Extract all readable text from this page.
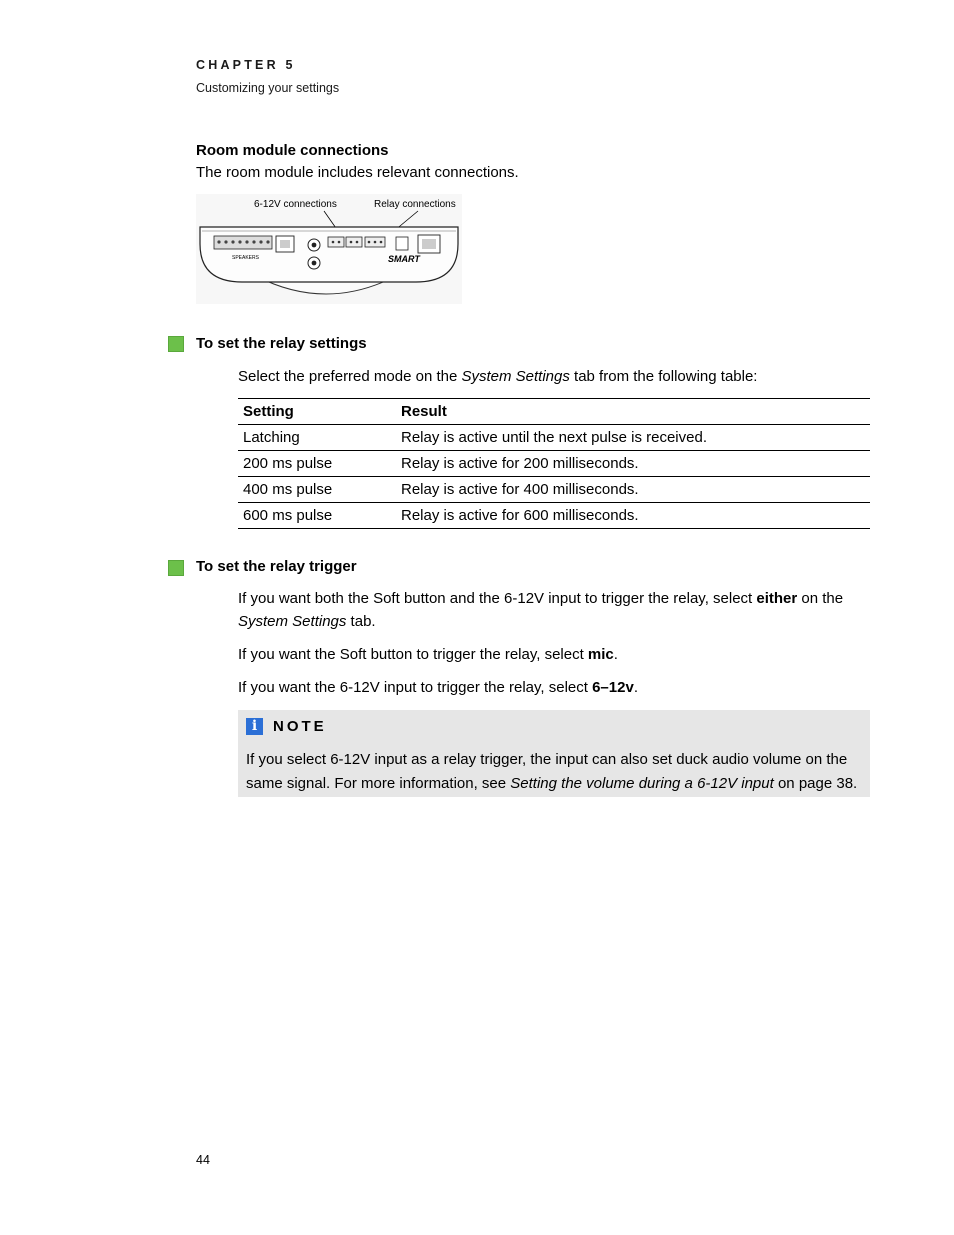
CHAPTER 5
Customizing your settings
Room module connections
The room module includes relevant connections.
6-12V connections	Relay connections
SPEAKERS	SMART
To set the relay settings
Select the preferred mode on the System Settings tab from the following table:
Setting	Result
Latching	Relay is active until the next pulse is received.
200 ms pulse	Relay is active for 200 milliseconds.
400 ms pulse	Relay is active for 400 milliseconds.
600 ms pulse	Relay is active for 600 milliseconds.
To set the relay trigger
If you want both the Soft button and the 6-12V input to trigger the relay, select either on the
System Settings tab.
If you want the Soft button to trigger the relay, select mic.
If you want the 6-12V input to trigger the relay, select 6–12v.
i	NOTE
If you select 6-12V input as a relay trigger, the input can also set duck audio volume on the same signal. For more information, see Setting the volume during a 6-12V input on page 38.
44
